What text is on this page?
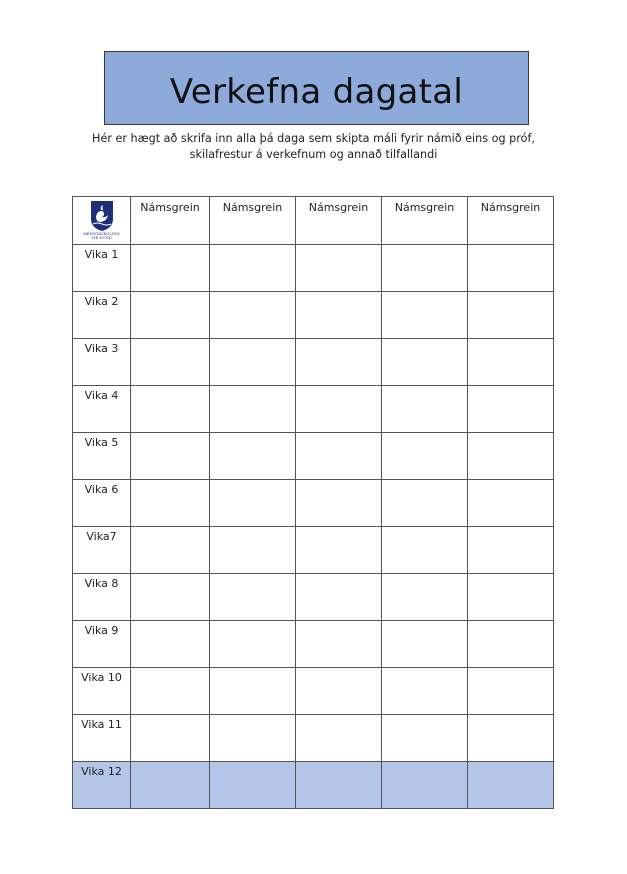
Verkefna dagatal
Hér er hægt að skrifa inn alla þá daga sem skipta máli fyrir námið eins og próf, skilafrestur á verkefnum og annað tilfallandi
MENNTASKÓLINN
VIÐ SUND	Námsgrein	Námsgrein	Námsgrein	Námsgrein	Námsgrein
Vika 1					
Vika 2					
Vika 3					
Vika 4					
Vika 5					
Vika 6					
Vika7					
Vika 8					
Vika 9					
Vika 10					
Vika 11					
Vika 12					
